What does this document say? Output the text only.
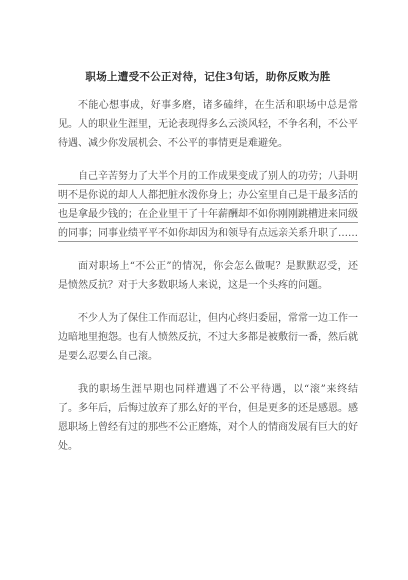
职场上遭受不公正对待，记住3句话，助你反败为胜

不能心想事成，好事多磨，诸多磕绊，在生活和职场中总是常见。人的职业生涯里，无论表现得多么云淡风轻，不争名利，不公平待遇、减少你发展机会、不公平的事情更是难避免。

自己辛苦努力了大半个月的工作成果变成了别人的功劳；八卦明明不是你说的却人人都把脏水泼你身上；办公室里自己是干最多活的也是拿最少钱的；在企业里干了十年薪酬却不如你刚刚跳槽进来同级的同事；同事业绩平平不如你却因为和领导有点远亲关系升职了……

面对职场上“不公正”的情况，你会怎么做呢？是默默忍受，还是愤然反抗？对于大多数职场人来说，这是一个头疼的问题。

不少人为了保住工作而忍让，但内心终归委屈，常常一边工作一边暗地里抱怨。也有人愤然反抗，不过大多都是被敷衍一番，然后就是要么忍要么自己滚。

我的职场生涯早期也同样遭遇了不公平待遇，以“滚”来终结了。多年后，后悔过放弃了那么好的平台，但是更多的还是感恩。感恩职场上曾经有过的那些不公正磨炼，对个人的情商发展有巨大的好处。
